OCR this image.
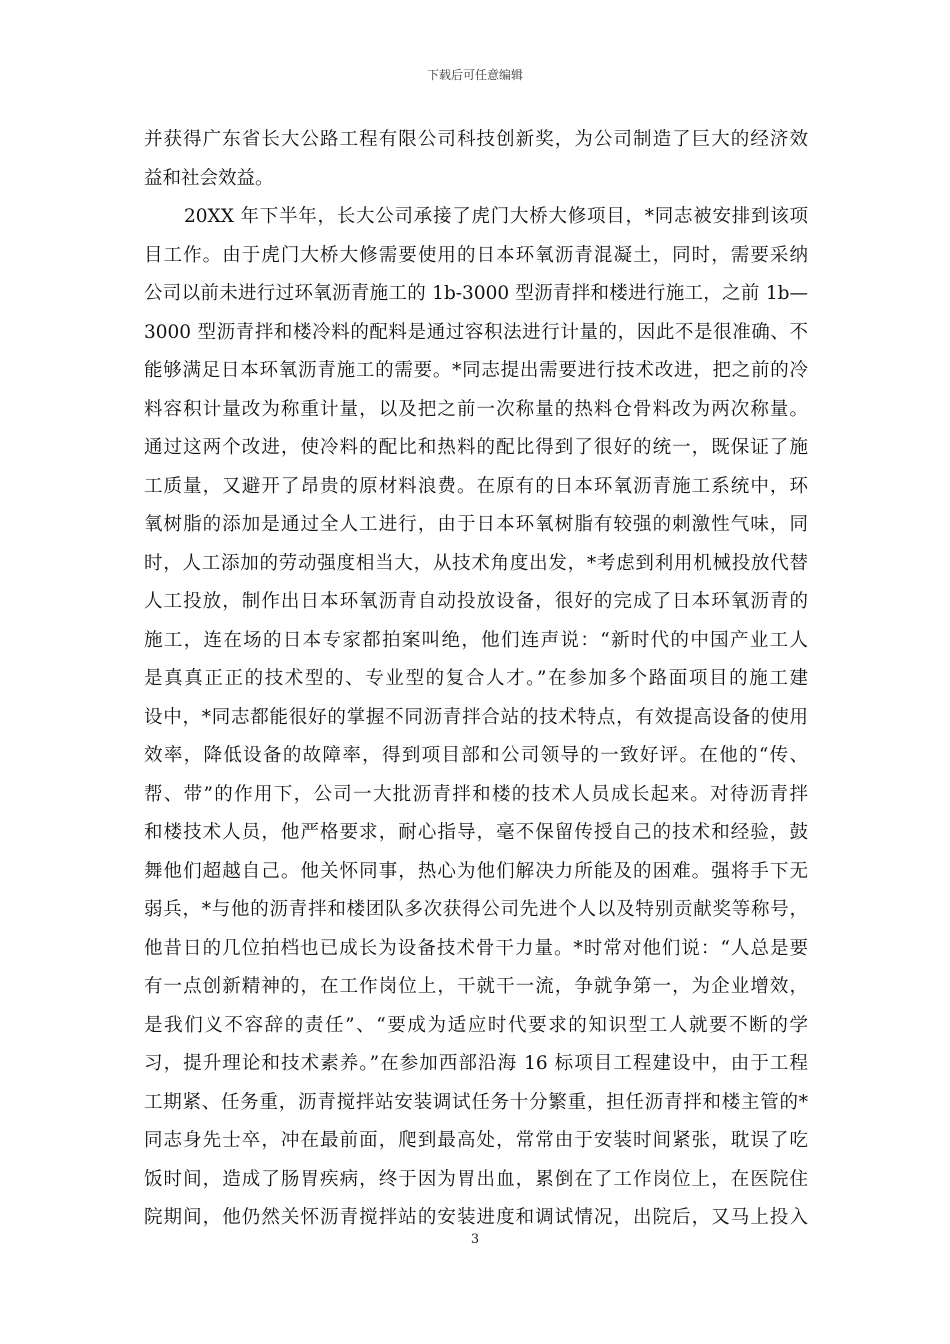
下载后可任意编辑
并获得广东省长大公路工程有限公司科技创新奖，为公司制造了巨大的经济效
益和社会效益。
20XX 年下半年，长大公司承接了虎门大桥大修项目，*同志被安排到该项
目工作。由于虎门大桥大修需要使用的日本环氧沥青混凝土，同时，需要采纳
公司以前未进行过环氧沥青施工的 1b-3000 型沥青拌和楼进行施工，之前 1b—
3000 型沥青拌和楼冷料的配料是通过容积法进行计量的，因此不是很准确、不
能够满足日本环氧沥青施工的需要。*同志提出需要进行技术改进，把之前的冷
料容积计量改为称重计量，以及把之前一次称量的热料仓骨料改为两次称量。
通过这两个改进，使冷料的配比和热料的配比得到了很好的统一，既保证了施
工质量，又避开了昂贵的原材料浪费。在原有的日本环氧沥青施工系统中，环
氧树脂的添加是通过全人工进行，由于日本环氧树脂有较强的刺激性气味，同
时，人工添加的劳动强度相当大，从技术角度出发，*考虑到利用机械投放代替
人工投放，制作出日本环氧沥青自动投放设备，很好的完成了日本环氧沥青的
施工，连在场的日本专家都拍案叫绝，他们连声说：“新时代的中国产业工人
是真真正正的技术型的、专业型的复合人才。”在参加多个路面项目的施工建
设中，*同志都能很好的掌握不同沥青拌合站的技术特点，有效提高设备的使用
效率，降低设备的故障率，得到项目部和公司领导的一致好评。在他的“传、
帮、带”的作用下，公司一大批沥青拌和楼的技术人员成长起来。对待沥青拌
和楼技术人员，他严格要求，耐心指导，毫不保留传授自己的技术和经验，鼓
舞他们超越自己。他关怀同事，热心为他们解决力所能及的困难。强将手下无
弱兵，*与他的沥青拌和楼团队多次获得公司先进个人以及特别贡献奖等称号，
他昔日的几位拍档也已成长为设备技术骨干力量。*时常对他们说：“人总是要
有一点创新精神的，在工作岗位上，干就干一流，争就争第一，为企业增效，
是我们义不容辞的责任”、“要成为适应时代要求的知识型工人就要不断的学
习，提升理论和技术素养。”在参加西部沿海 16 标项目工程建设中，由于工程
工期紧、任务重，沥青搅拌站安装调试任务十分繁重，担任沥青拌和楼主管的*
同志身先士卒，冲在最前面，爬到最高处，常常由于安装时间紧张，耽误了吃
饭时间，造成了肠胃疾病，终于因为胃出血，累倒在了工作岗位上，在医院住
院期间，他仍然关怀沥青搅拌站的安装进度和调试情况，出院后，又马上投入
3
